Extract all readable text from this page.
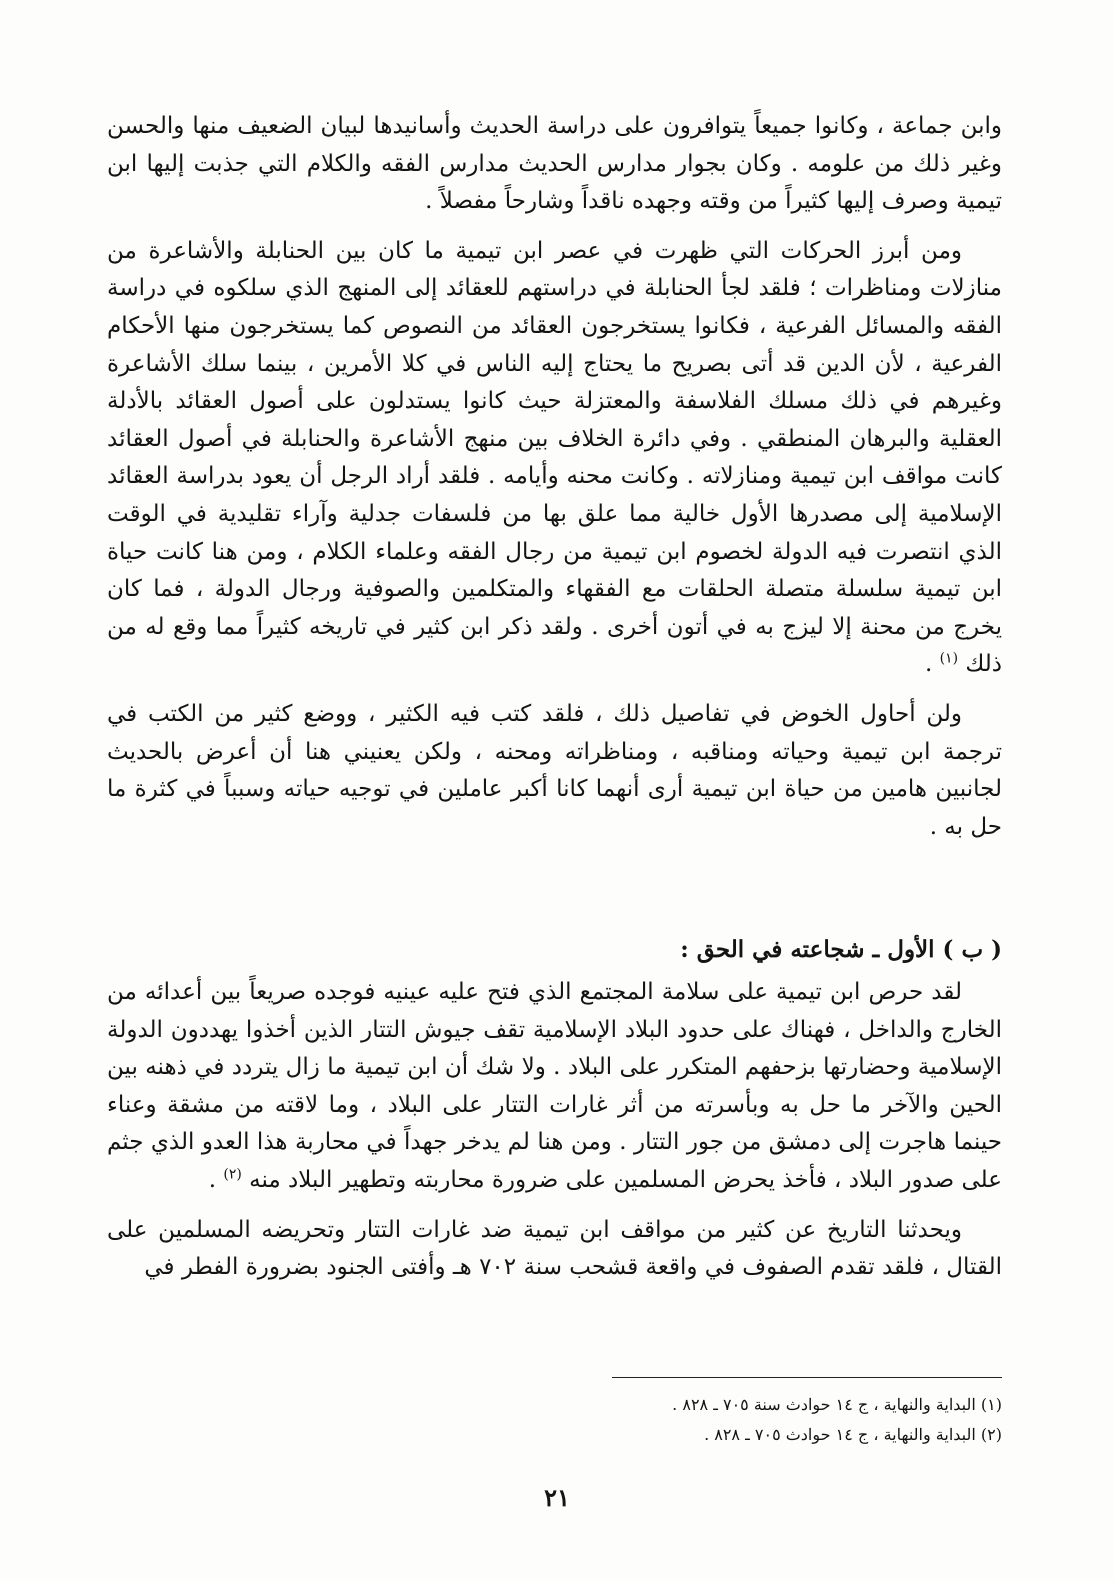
وابن جماعة ، وكانوا جميعاً يتوافرون على دراسة الحديث وأسانيدها لبيان الضعيف منها والحسن وغير ذلك من علومه . وكان بجوار مدارس الحديث مدارس الفقه والكلام التي جذبت إليها ابن تيمية وصرف إليها كثيراً من وقته وجهده ناقداً وشارحاً مفصلاً .

ومن أبرز الحركات التي ظهرت في عصر ابن تيمية ما كان بين الحنابلة والأشاعرة من منازلات ومناظرات ؛ فلقد لجأ الحنابلة في دراستهم للعقائد إلى المنهج الذي سلكوه في دراسة الفقه والمسائل الفرعية ، فكانوا يستخرجون العقائد من النصوص كما يستخرجون منها الأحكام الفرعية ، لأن الدين قد أتى بصريح ما يحتاج إليه الناس في كلا الأمرين ، بينما سلك الأشاعرة وغيرهم في ذلك مسلك الفلاسفة والمعتزلة حيث كانوا يستدلون على أصول العقائد بالأدلة العقلية والبرهان المنطقي . وفي دائرة الخلاف بين منهج الأشاعرة والحنابلة في أصول العقائد كانت مواقف ابن تيمية ومنازلاته . وكانت محنه وأيامه . فلقد أراد الرجل أن يعود بدراسة العقائد الإسلامية إلى مصدرها الأول خالية مما علق بها من فلسفات جدلية وآراء تقليدية في الوقت الذي انتصرت فيه الدولة لخصوم ابن تيمية من رجال الفقه وعلماء الكلام ، ومن هنا كانت حياة ابن تيمية سلسلة متصلة الحلقات مع الفقهاء والمتكلمين والصوفية ورجال الدولة ، فما كان يخرج من محنة إلا ليزج به في أتون أخرى . ولقد ذكر ابن كثير في تاريخه كثيراً مما وقع له من ذلك $^{(١)}$ .

ولن أحاول الخوض في تفاصيل ذلك ، فلقد كتب فيه الكثير ، ووضع كثير من الكتب في ترجمة ابن تيمية وحياته ومناقبه ، ومناظراته ومحنه ، ولكن يعنيني هنا أن أعرض بالحديث لجانبين هامين من حياة ابن تيمية أرى أنهما كانا أكبر عاملين في توجيه حياته وسبباً في كثرة ما حل به .

( ب ) الأول ـ شجاعته في الحق :

لقد حرص ابن تيمية على سلامة المجتمع الذي فتح عليه عينيه فوجده صريعاً بين أعدائه من الخارج والداخل ، فهناك على حدود البلاد الإسلامية تقف جيوش التتار الذين أخذوا يهددون الدولة الإسلامية وحضارتها بزحفهم المتكرر على البلاد . ولا شك أن ابن تيمية ما زال يتردد في ذهنه بين الحين والآخر ما حل به وبأسرته من أثر غارات التتار على البلاد ، وما لاقته من مشقة وعناء حينما هاجرت إلى دمشق من جور التتار . ومن هنا لم يدخر جهداً في محاربة هذا العدو الذي جثم على صدور البلاد ، فأخذ يحرض المسلمين على ضرورة محاربته وتطهير البلاد منه $^{(٢)}$ .

ويحدثنا التاريخ عن كثير من مواقف ابن تيمية ضد غارات التتار وتحريضه المسلمين على القتال ، فلقد تقدم الصفوف في واقعة قشحب سنة ٧٠٢ هـ وأفتى الجنود بضرورة الفطر في

(١) البداية والنهاية ، ج ١٤ حوادث سنة ٧٠٥ ـ ٨٢٨ .
(٢) البداية والنهاية ، ج ١٤ حوادث ٧٠٥ ـ ٨٢٨ .
٢١
